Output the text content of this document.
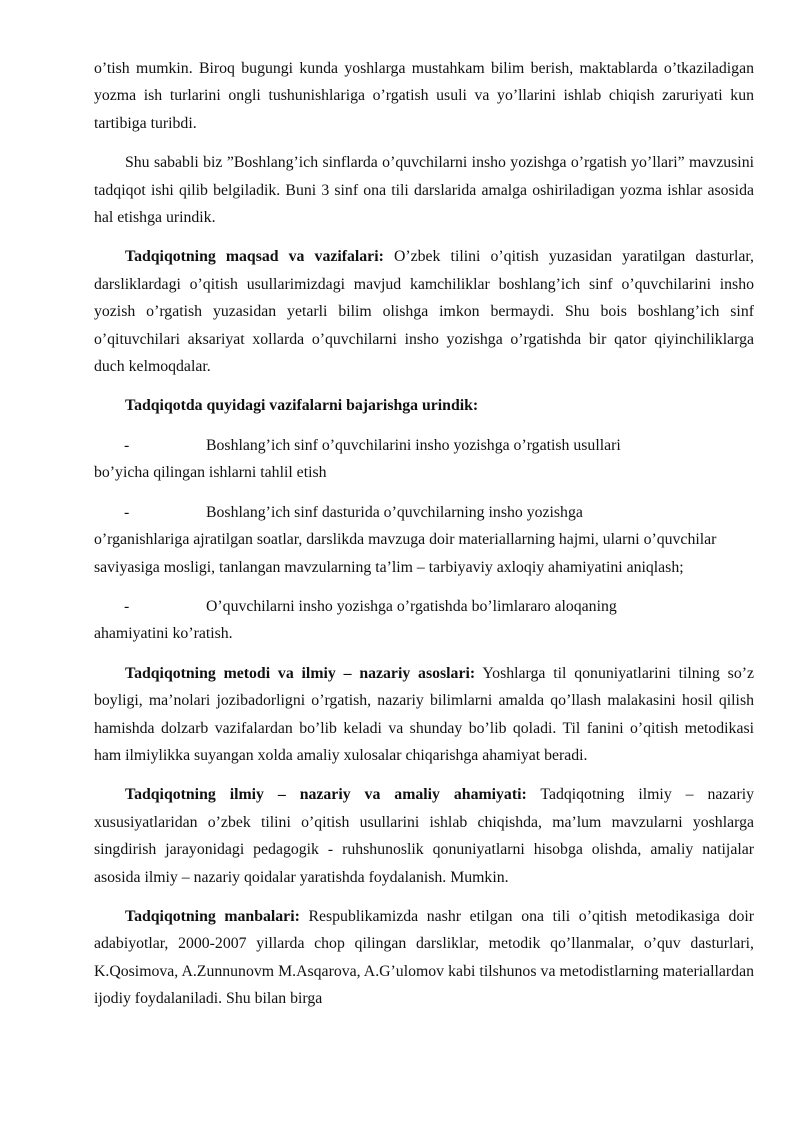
o’tish mumkin. Biroq bugungi kunda yoshlarga mustahkam bilim berish, maktablarda o’tkaziladigan yozma ish turlarini ongli tushunishlariga o’rgatish usuli va yo’llarini ishlab chiqish zaruriyati kun tartibiga turibdi.

Shu sababli biz ”Boshlang’ich sinflarda o’quvchilarni insho yozishga o’rgatish yo’llari” mavzusini tadqiqot ishi qilib belgiladik. Buni 3 sinf ona tili darslarida amalga oshiriladigan yozma ishlar asosida hal etishga urindik.

Tadqiqotning maqsad va vazifalari: O’zbek tilini o’qitish yuzasidan yaratilgan dasturlar, darsliklardagi o’qitish usullarimizdagi mavjud kamchiliklar boshlang’ich sinf o’quvchilarini insho yozish o’rgatish yuzasidan yetarli bilim olishga imkon bermaydi. Shu bois boshlang’ich sinf o’qituvchilari aksariyat xollarda o’quvchilarni insho yozishga o’rgatishda bir qator qiyinchiliklarga duch kelmoqdalar.

Tadqiqotda quyidagi vazifalarni bajarishga urindik:

-	Boshlang’ich sinf o’quvchilarini insho yozishga o’rgatish usullari
bo’yicha qilingan ishlarni tahlil etish
-	Boshlang’ich sinf dasturida o’quvchilarning insho yozishga
o’rganishlariga ajratilgan soatlar, darslikda mavzuga doir materiallarning hajmi, ularni o’quvchilar saviyasiga mosligi, tanlangan mavzularning ta’lim – tarbiyaviy axloqiy ahamiyatini aniqlash;
-	O’quvchilarni insho yozishga o’rgatishda bo’limlararo aloqaning
ahamiyatini ko’ratish.

Tadqiqotning metodi va ilmiy – nazariy asoslari: Yoshlarga til qonuniyatlarini tilning so’z boyligi, ma’nolari jozibadorligni o’rgatish, nazariy bilimlarni amalda qo’llash malakasini hosil qilish hamishda dolzarb vazifalardan bo’lib keladi va shunday bo’lib qoladi. Til fanini o’qitish metodikasi ham ilmiylikka suyangan xolda amaliy xulosalar chiqarishga ahamiyat beradi.

Tadqiqotning ilmiy – nazariy va amaliy ahamiyati: Tadqiqotning ilmiy – nazariy xususiyatlaridan o’zbek tilini o’qitish usullarini ishlab chiqishda, ma’lum mavzularni yoshlarga singdirish jarayonidagi pedagogik - ruhshunoslik qonuniyatlarni hisobga olishda, amaliy natijalar asosida ilmiy – nazariy qoidalar yaratishda foydalanish. Mumkin.

Tadqiqotning manbalari: Respublikamizda nashr etilgan ona tili o’qitish metodikasiga doir adabiyotlar, 2000-2007 yillarda chop qilingan darsliklar, metodik qo’llanmalar, o’quv dasturlari, K.Qosimova, A.Zunnunovm M.Asqarova, A.G’ulomov kabi tilshunos va metodistlarning materiallardan ijodiy foydalaniladi. Shu bilan birga
